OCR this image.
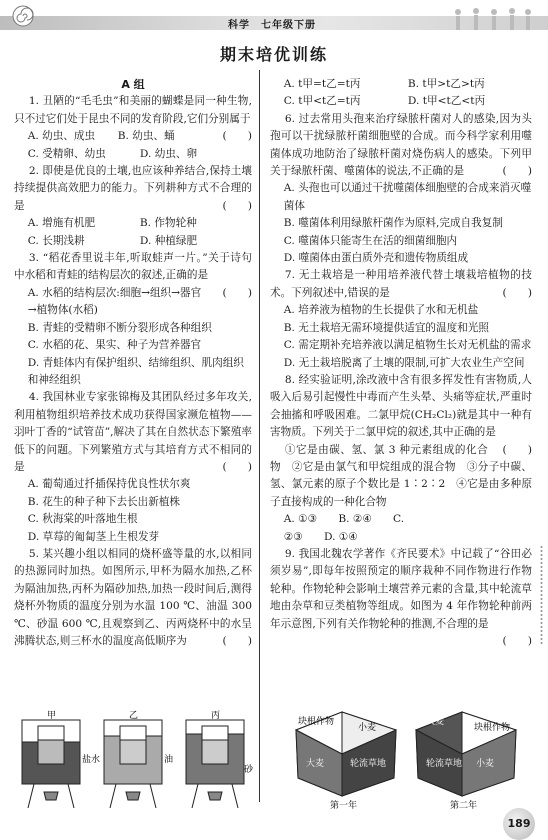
科学　七年级下册
期末培优训练

A 组

1. 丑陋的“毛毛虫”和美丽的蝴蝶是同一种生物,只不过它们处于昆虫不同的发育阶段,它们分别属于
(　　)

A. 幼虫、成虫	B. 幼虫、蛹

C. 受精卵、幼虫	D. 幼虫、卵

2. 即使是优良的土壤,也应该种养结合,保持土壤持续提供高效肥力的能力。下列耕种方式不合理的是	(　　)

A. 增施有机肥	B. 作物轮种

C. 长期浅耕	D. 种植绿肥

3. “稻花香里说丰年,听取蛙声一片。”关于诗句中水稻和青蛙的结构层次的叙述,正确的是
(　　)

A. 水稻的结构层次:细胞→组织→器官→植物体(水稻)

B. 青蛙的受精卵不断分裂形成各种组织

C. 水稻的花、果实、种子为营养器官

D. 青蛙体内有保护组织、结缔组织、肌肉组织和神经组织

4. 我国林业专家张锦梅及其团队经过多年攻关,利用植物组织培养技术成功获得国家濒危植物——羽叶丁香的“试管苗”,解决了其在自然状态下繁殖率低下的问题。下列繁殖方式与其培育方式不相同的是	(　　)

A. 葡萄通过扦插保持优良性状尔爽

B. 花生的种子种下去长出新植株

C. 秋海棠的叶落地生根

D. 草莓的匍匐茎上生根发芽

5. 某兴趣小组以相同的烧杯盛等量的水,以相同的热源同时加热。如图所示,甲杯为隔水加热,乙杯为隔油加热,丙杯为隔砂加热,加热一段时间后,测得烧杯外物质的温度分别为水温 100 ℃、油温 300 ℃、砂温 600 ℃,且观察到乙、丙两烧杯中的水呈沸腾状态,则三杯水的温度高低顺序为	(　　)

A. t甲=t乙=t丙	B. t甲>t乙>t丙

C. t甲<t乙=t丙	D. t甲<t乙<t丙

6. 过去常用头孢来治疗绿脓杆菌对人的感染,因为头孢可以干扰绿脓杆菌细胞壁的合成。而今科学家利用噬菌体成功地防治了绿脓杆菌对烧伤病人的感染。下列甲关于绿脓杆菌、噬菌体的说法,不正确的是	(　　)

A. 头孢也可以通过干扰噬菌体细胞壁的合成来消灭噬菌体

B. 噬菌体利用绿脓杆菌作为原料,完成自我复制

C. 噬菌体只能寄生在活的细菌细胞内

D. 噬菌体由蛋白质外壳和遗传物质组成

7. 无土栽培是一种用培养液代替土壤栽培植物的技术。下列叙述中,错误的是	(　　)

A. 培养液为植物的生长提供了水和无机盐

B. 无土栽培无需环境提供适宜的温度和光照

C. 需定期补充培养液以满足植物生长对无机盐的需求

D. 无土栽培脱离了土壤的限制,可扩大农业生产空间

8. 经实验证明,涂改液中含有很多挥发性有害物质,人吸入后易引起慢性中毒而产生头晕、头痛等症状,严重时会抽搐和呼吸困难。二氯甲烷(CH₂Cl₂)就是其中一种有害物质。下列关于二氯甲烷的叙述,其中正确的是
(　　)

①它是由碳、氢、氯 3 种元素组成的化合物　②它是由氯气和甲烷组成的混合物　③分子中碳、氢、氯元素的原子个数比是 1∶2∶2　④它是由多种原子直接构成的一种化合物

A. ①③　　B. ②④　　C. ②③　　D. ①④

9. 我国北魏农学著作《齐民要术》中记载了“谷田必须岁易”,即每年按照预定的顺序栽种不同作物进行作物轮种。作物轮种会影响土壤营养元素的含量,其中轮流草地由杂草和豆类植物等组成。如图为 4 年作物轮种前两年示意图,下列有关作物轮种的推测,不合理的是
(　　)

甲	乙	丙
盐水	油
砂
块根作物
小麦
大麦	轮流草地
大麦
块根作物
轮流草地 小麦
第一年	第二年
189
